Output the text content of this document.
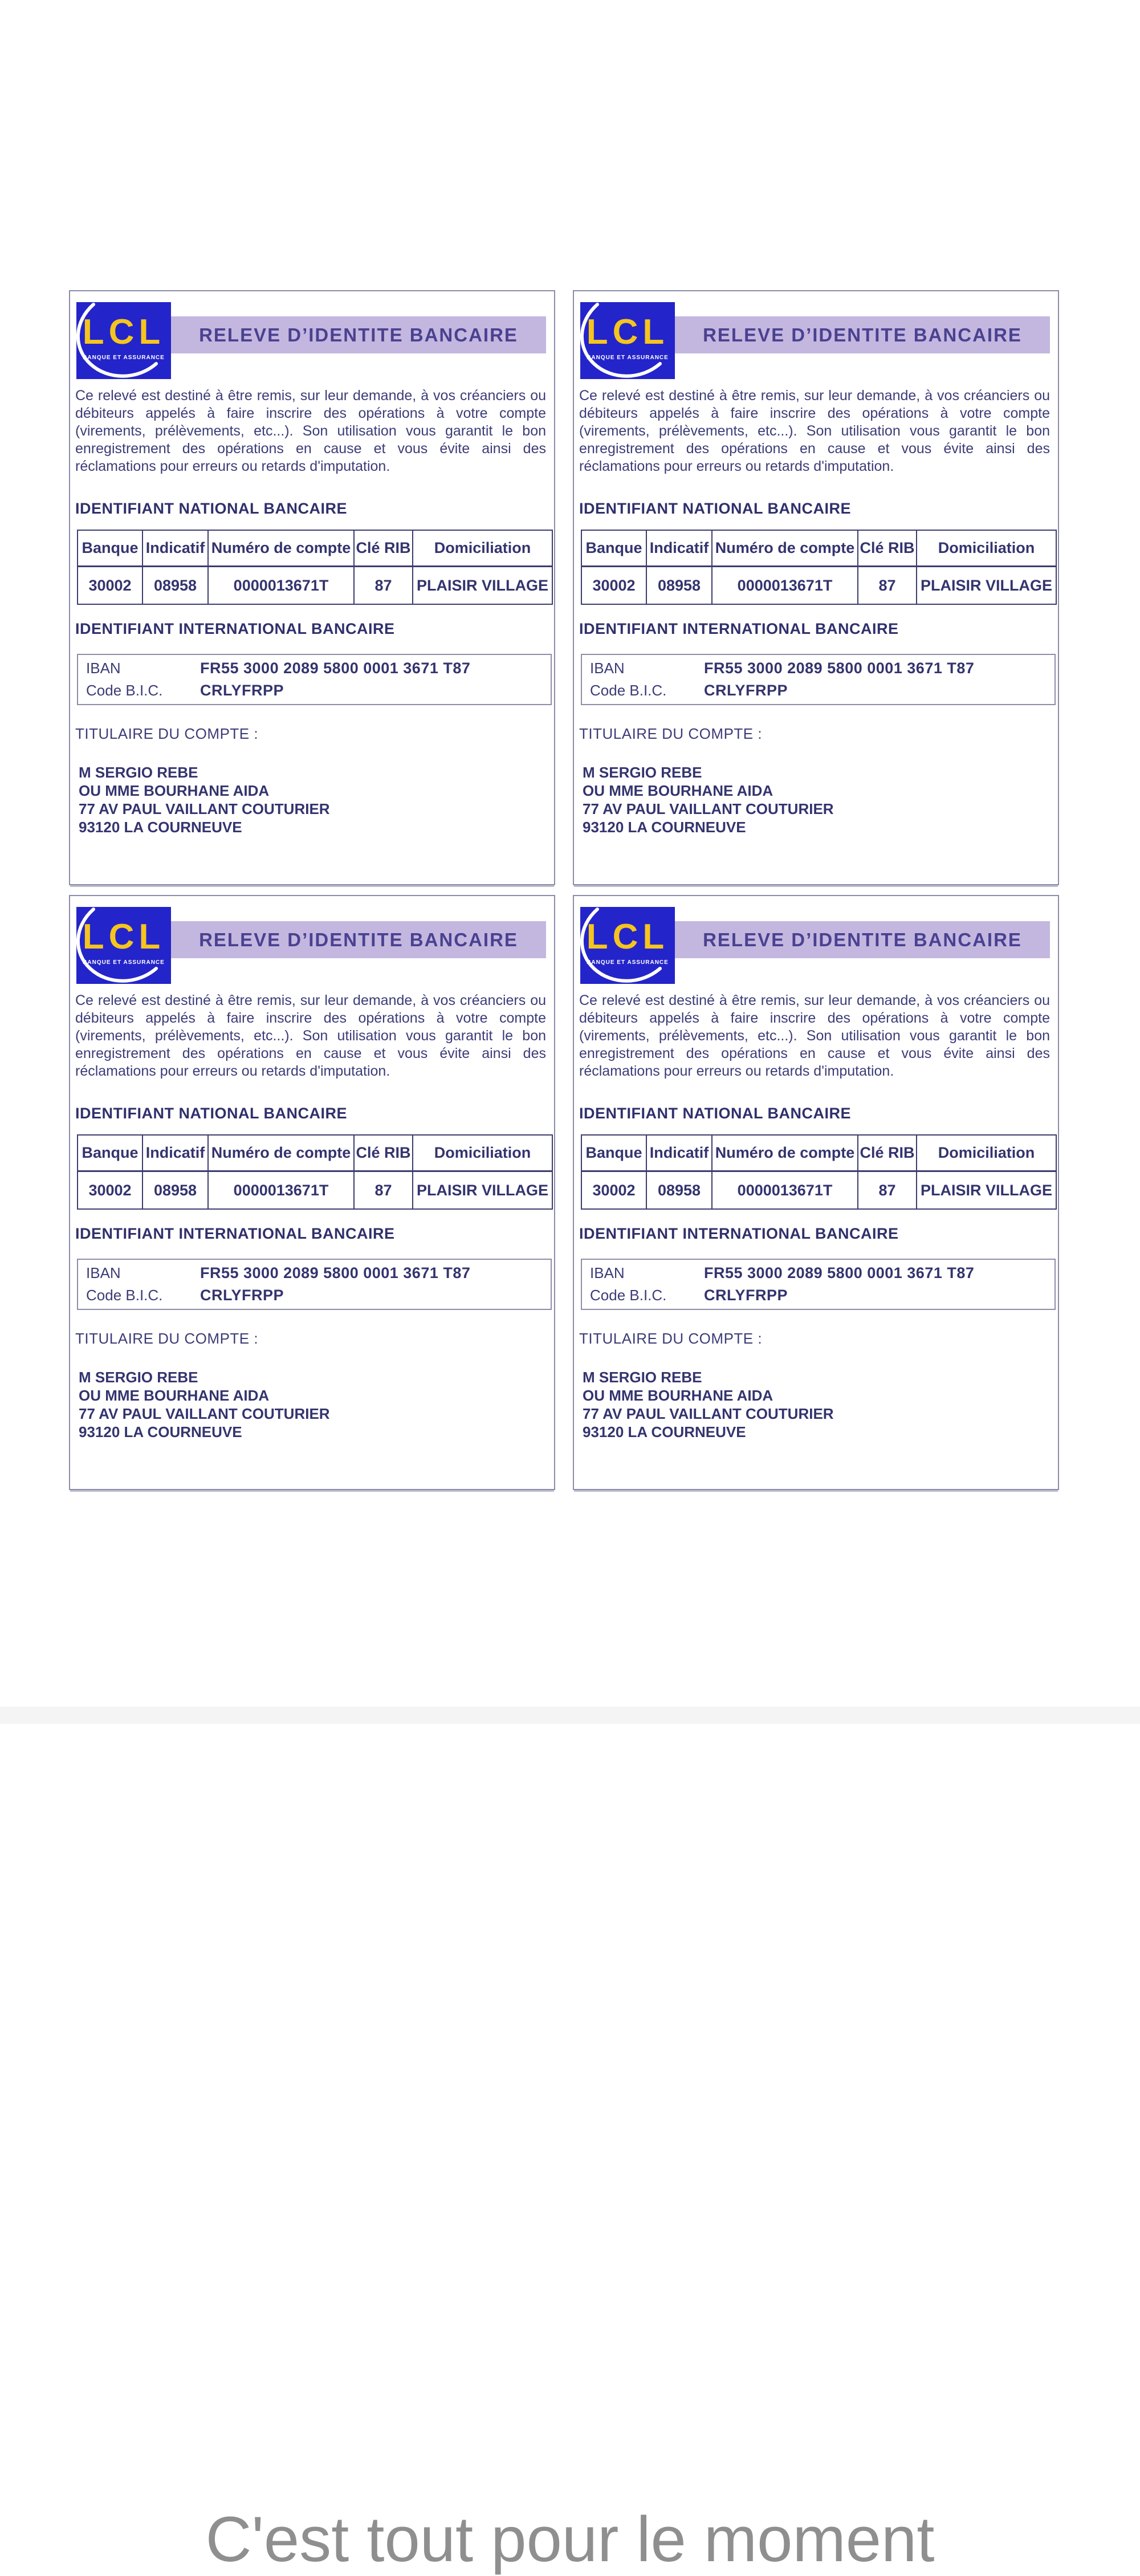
LCL
BANQUE ET ASSURANCE
RELEVE D’IDENTITE BANCAIRE
Ce relevé est destiné à être remis, sur leur demande, à vos créanciers ou débiteurs appelés à faire inscrire des opérations à votre compte (virements, prélèvements, etc...). Son utilisation vous garantit le bon enregistrement des opérations en cause et vous évite ainsi des réclamations pour erreurs ou retards d'imputation.
IDENTIFIANT NATIONAL BANCAIRE
Banque	Indicatif	Numéro de compte	Clé RIB	Domiciliation
30002	08958	0000013671T	87	PLAISIR VILLAGE
IDENTIFIANT INTERNATIONAL BANCAIRE
IBAN	FR55 3000 2089 5800 0001 3671 T87
Code B.I.C.	CRLYFRPP
TITULAIRE DU COMPTE :
M SERGIO REBE
OU MME BOURHANE AIDA
77 AV PAUL VAILLANT COUTURIER
93120 LA COURNEUVE
LCL
BANQUE ET ASSURANCE
RELEVE D’IDENTITE BANCAIRE
Ce relevé est destiné à être remis, sur leur demande, à vos créanciers ou débiteurs appelés à faire inscrire des opérations à votre compte (virements, prélèvements, etc...). Son utilisation vous garantit le bon enregistrement des opérations en cause et vous évite ainsi des réclamations pour erreurs ou retards d'imputation.
IDENTIFIANT NATIONAL BANCAIRE
Banque	Indicatif	Numéro de compte	Clé RIB	Domiciliation
30002	08958	0000013671T	87	PLAISIR VILLAGE
IDENTIFIANT INTERNATIONAL BANCAIRE
IBAN	FR55 3000 2089 5800 0001 3671 T87
Code B.I.C.	CRLYFRPP
TITULAIRE DU COMPTE :
M SERGIO REBE
OU MME BOURHANE AIDA
77 AV PAUL VAILLANT COUTURIER
93120 LA COURNEUVE
LCL
BANQUE ET ASSURANCE
RELEVE D’IDENTITE BANCAIRE
Ce relevé est destiné à être remis, sur leur demande, à vos créanciers ou débiteurs appelés à faire inscrire des opérations à votre compte (virements, prélèvements, etc...). Son utilisation vous garantit le bon enregistrement des opérations en cause et vous évite ainsi des réclamations pour erreurs ou retards d'imputation.
IDENTIFIANT NATIONAL BANCAIRE
Banque	Indicatif	Numéro de compte	Clé RIB	Domiciliation
30002	08958	0000013671T	87	PLAISIR VILLAGE
IDENTIFIANT INTERNATIONAL BANCAIRE
IBAN	FR55 3000 2089 5800 0001 3671 T87
Code B.I.C.	CRLYFRPP
TITULAIRE DU COMPTE :
M SERGIO REBE
OU MME BOURHANE AIDA
77 AV PAUL VAILLANT COUTURIER
93120 LA COURNEUVE
LCL
BANQUE ET ASSURANCE
RELEVE D’IDENTITE BANCAIRE
Ce relevé est destiné à être remis, sur leur demande, à vos créanciers ou débiteurs appelés à faire inscrire des opérations à votre compte (virements, prélèvements, etc...). Son utilisation vous garantit le bon enregistrement des opérations en cause et vous évite ainsi des réclamations pour erreurs ou retards d'imputation.
IDENTIFIANT NATIONAL BANCAIRE
Banque	Indicatif	Numéro de compte	Clé RIB	Domiciliation
30002	08958	0000013671T	87	PLAISIR VILLAGE
IDENTIFIANT INTERNATIONAL BANCAIRE
IBAN	FR55 3000 2089 5800 0001 3671 T87
Code B.I.C.	CRLYFRPP
TITULAIRE DU COMPTE :
M SERGIO REBE
OU MME BOURHANE AIDA
77 AV PAUL VAILLANT COUTURIER
93120 LA COURNEUVE
C'est tout pour le moment
